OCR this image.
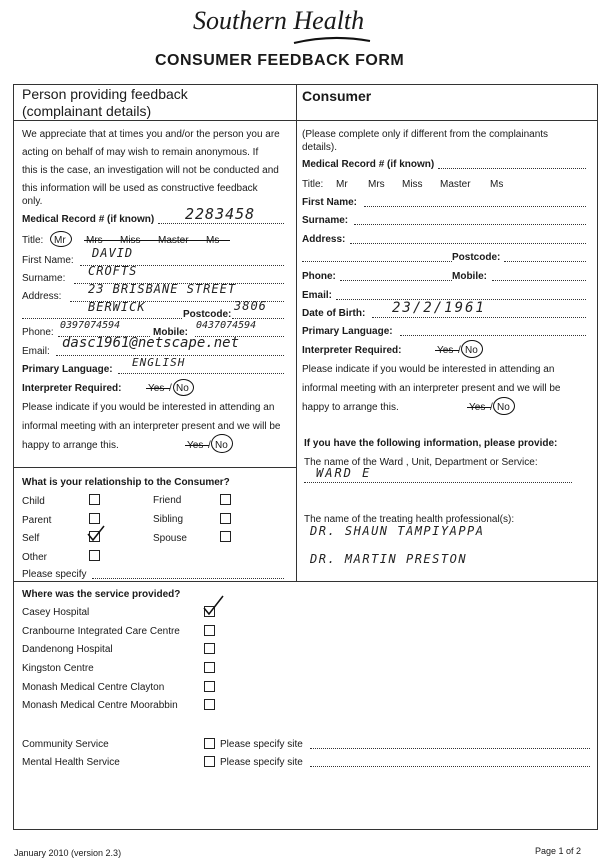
Southern Health
CONSUMER FEEDBACK FORM
Person providing feedback
(complainant details)
Consumer
We appreciate that at times you and/or the person you are
acting on behalf of may wish to remain anonymous. If
this is the case, an investigation will not be conducted and
this information will be used as constructive feedback
only.
Medical Record # (if known) 2283458
Title: Mr Mrs Miss Master Ms
First Name:
DAVID
Surname:
CROFTS
Address:
23 BRISBANE STREET
BERWICK
Postcode:
3806
Phone:
0397074594
Mobile:
0437074594
Email:
dasc1961@netscape.net
Primary Language:
ENGLISH
Interpreter Required:	Yes / No
Please indicate if you would be interested in attending an
informal meeting with an interpreter present and we will be
happy to arrange this.	Yes / No
What is your relationship to the Consumer?
Child	Friend
Parent	Sibling
Self	Spouse
Other
Please specify
(Please complete only if different from the complainants
details).
Medical Record # (if known)
Title: Mr Mrs Miss Master Ms
First Name:
Surname:
Address:
Postcode:
Phone:	Mobile:
Email:
Date of Birth: 23/2/1961
Primary Language:
Interpreter Required:	Yes / No
Please indicate if you would be interested in attending an
informal meeting with an interpreter present and we will be
happy to arrange this.	Yes / No
If you have the following information, please provide:
The name of the Ward , Unit, Department or Service:
WARD E
The name of the treating health professional(s):
DR. SHAUN TAMPIYAPPA
DR. MARTIN PRESTON
Where was the service provided?
Casey Hospital
Cranbourne Integrated Care Centre
Dandenong Hospital
Kingston Centre
Monash Medical Centre Clayton
Monash Medical Centre Moorabbin
Community Service	Please specify site
Mental Health Service	Please specify site
January 2010 (version 2.3)	Page 1 of 2
